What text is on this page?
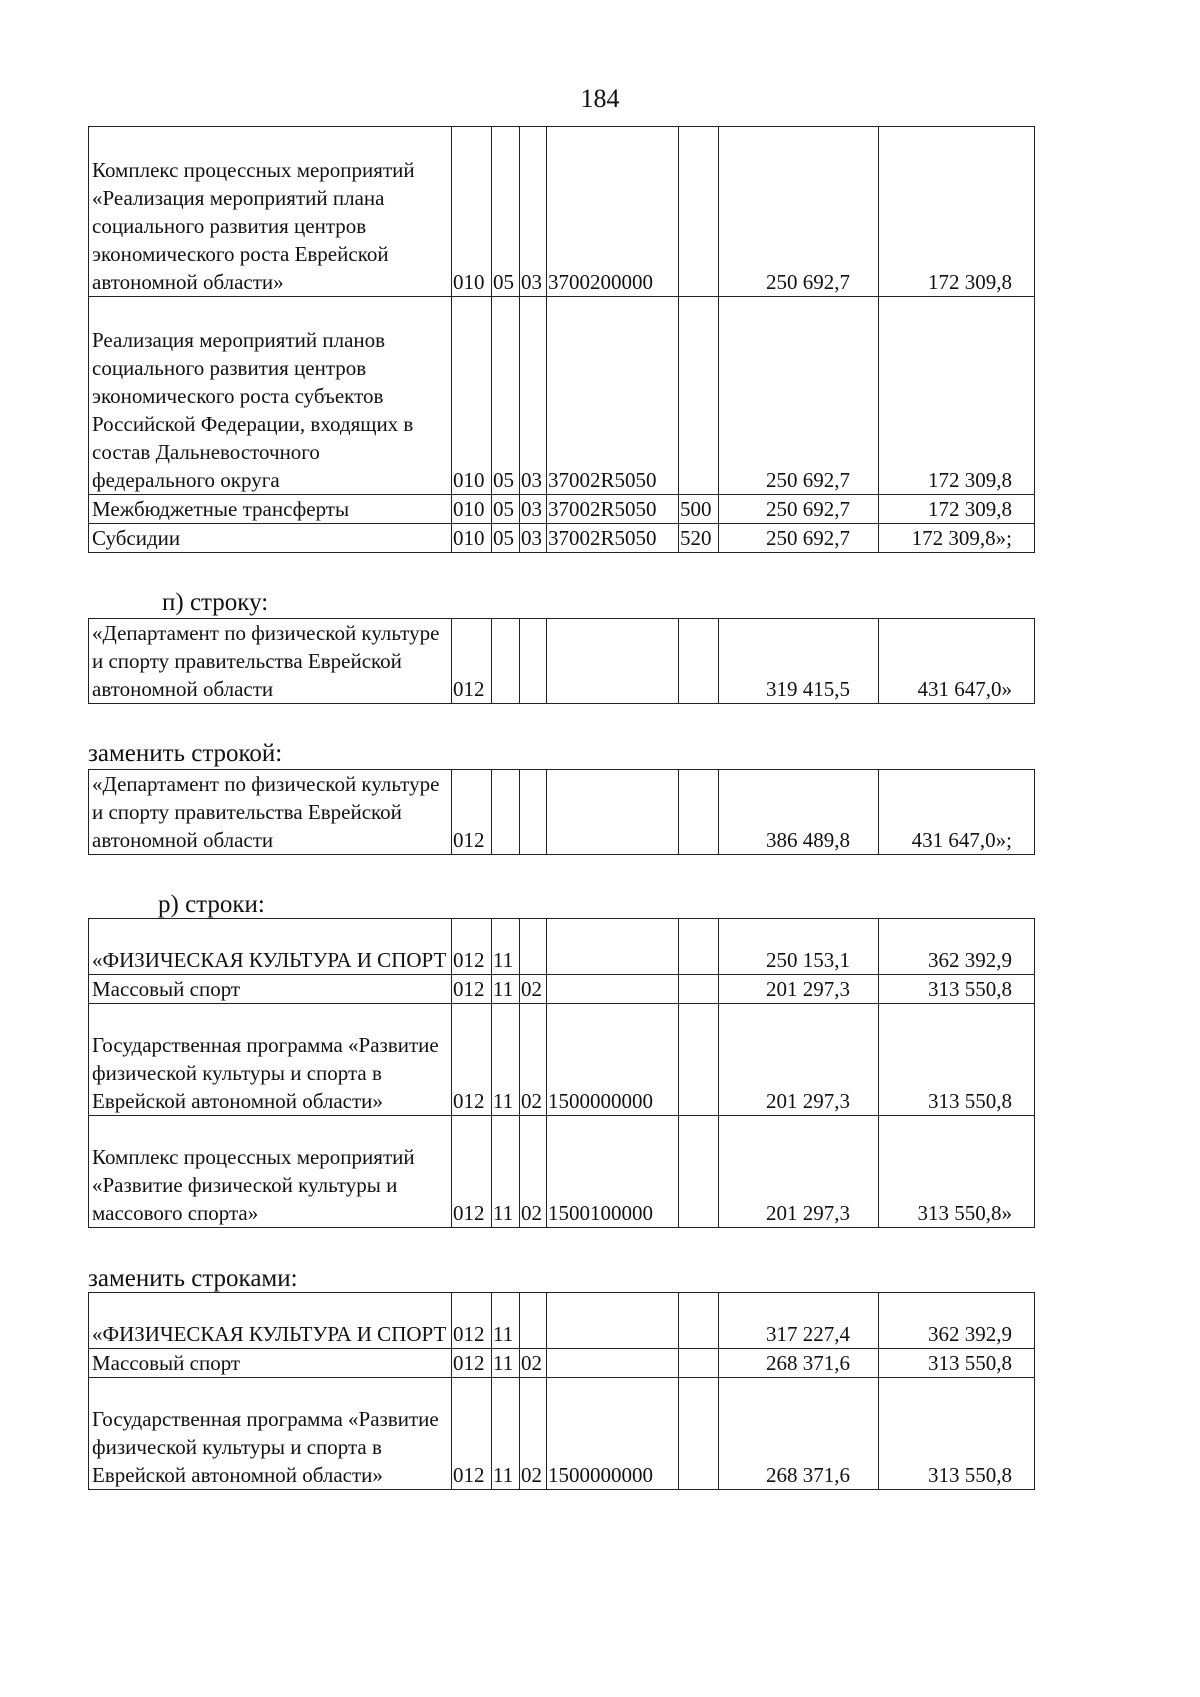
184
Комплекс процессных мероприятий «Реализация мероприятий плана социального развития центров экономического роста Еврейской автономной области»	010	05	03	3700200000		250 692,7	172 309,8
Реализация мероприятий планов социального развития центров экономического роста субъектов Российской Федерации, входящих в состав Дальневосточного федерального округа	010	05	03	37002R5050		250 692,7	172 309,8
Межбюджетные трансферты	010	05	03	37002R5050	500	250 692,7	172 309,8
Субсидии	010	05	03	37002R5050	520	250 692,7	172 309,8»;
п) строку:
«Департамент по физической культуре и спорту правительства Еврейской автономной области	012					319 415,5	431 647,0»
заменить строкой:
«Департамент по физической культуре и спорту правительства Еврейской автономной области	012					386 489,8	431 647,0»;
р) строки:
«ФИЗИЧЕСКАЯ КУЛЬТУРА И СПОРТ	012	11				250 153,1	362 392,9
Массовый спорт	012	11	02			201 297,3	313 550,8
Государственная программа «Развитие физической культуры и спорта в Еврейской автономной области»	012	11	02	1500000000		201 297,3	313 550,8
Комплекс процессных мероприятий «Развитие физической культуры и массового спорта»	012	11	02	1500100000		201 297,3	313 550,8»
заменить строками:
«ФИЗИЧЕСКАЯ КУЛЬТУРА И СПОРТ	012	11				317 227,4	362 392,9
Массовый спорт	012	11	02			268 371,6	313 550,8
Государственная программа «Развитие физической культуры и спорта в Еврейской автономной области»	012	11	02	1500000000		268 371,6	313 550,8
